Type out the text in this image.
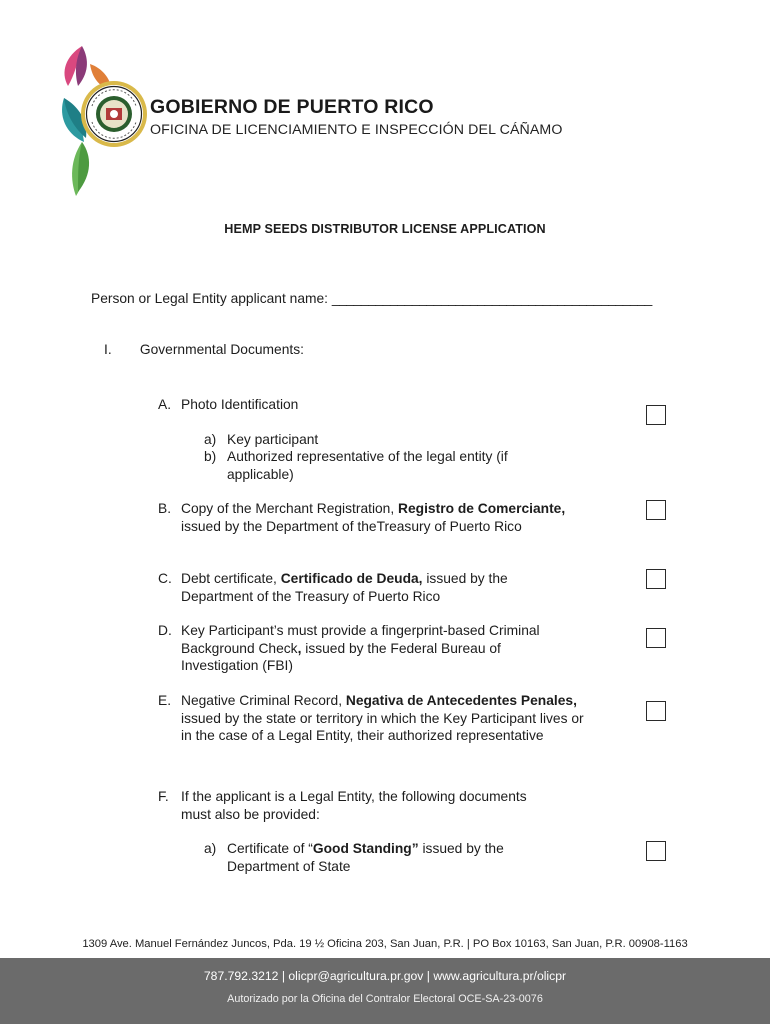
GOBIERNO DE PUERTO RICO
OFICINA DE LICENCIAMIENTO E INSPECCIÓN DEL CÁÑAMO
HEMP SEEDS DISTRIBUTOR LICENSE APPLICATION
Person or Legal Entity applicant name: ____________________________________________
I. Governmental Documents:
A. Photo Identification
a) Key participant
b) Authorized representative of the legal entity (if applicable)
B. Copy of the Merchant Registration, Registro de Comerciante, issued by the Department of theTreasury of Puerto Rico
C. Debt certificate, Certificado de Deuda, issued by the Department of the Treasury of Puerto Rico
D. Key Participant’s must provide a fingerprint-based Criminal Background Check, issued by the Federal Bureau of Investigation (FBI)
E. Negative Criminal Record, Negativa de Antecedentes Penales, issued by the state or territory in which the Key Participant lives or in the case of a Legal Entity, their authorized representative
F. If the applicant is a Legal Entity, the following documents must also be provided:
a) Certificate of “Good Standing” issued by the Department of State
1309 Ave. Manuel Fernández Juncos, Pda. 19 ½ Oficina 203, San Juan, P.R. | PO Box 10163, San Juan, P.R. 00908-1163
787.792.3212 | olicpr@agricultura.pr.gov | www.agricultura.pr/olicpr
Autorizado por la Oficina del Contralor Electoral OCE-SA-23-0076
